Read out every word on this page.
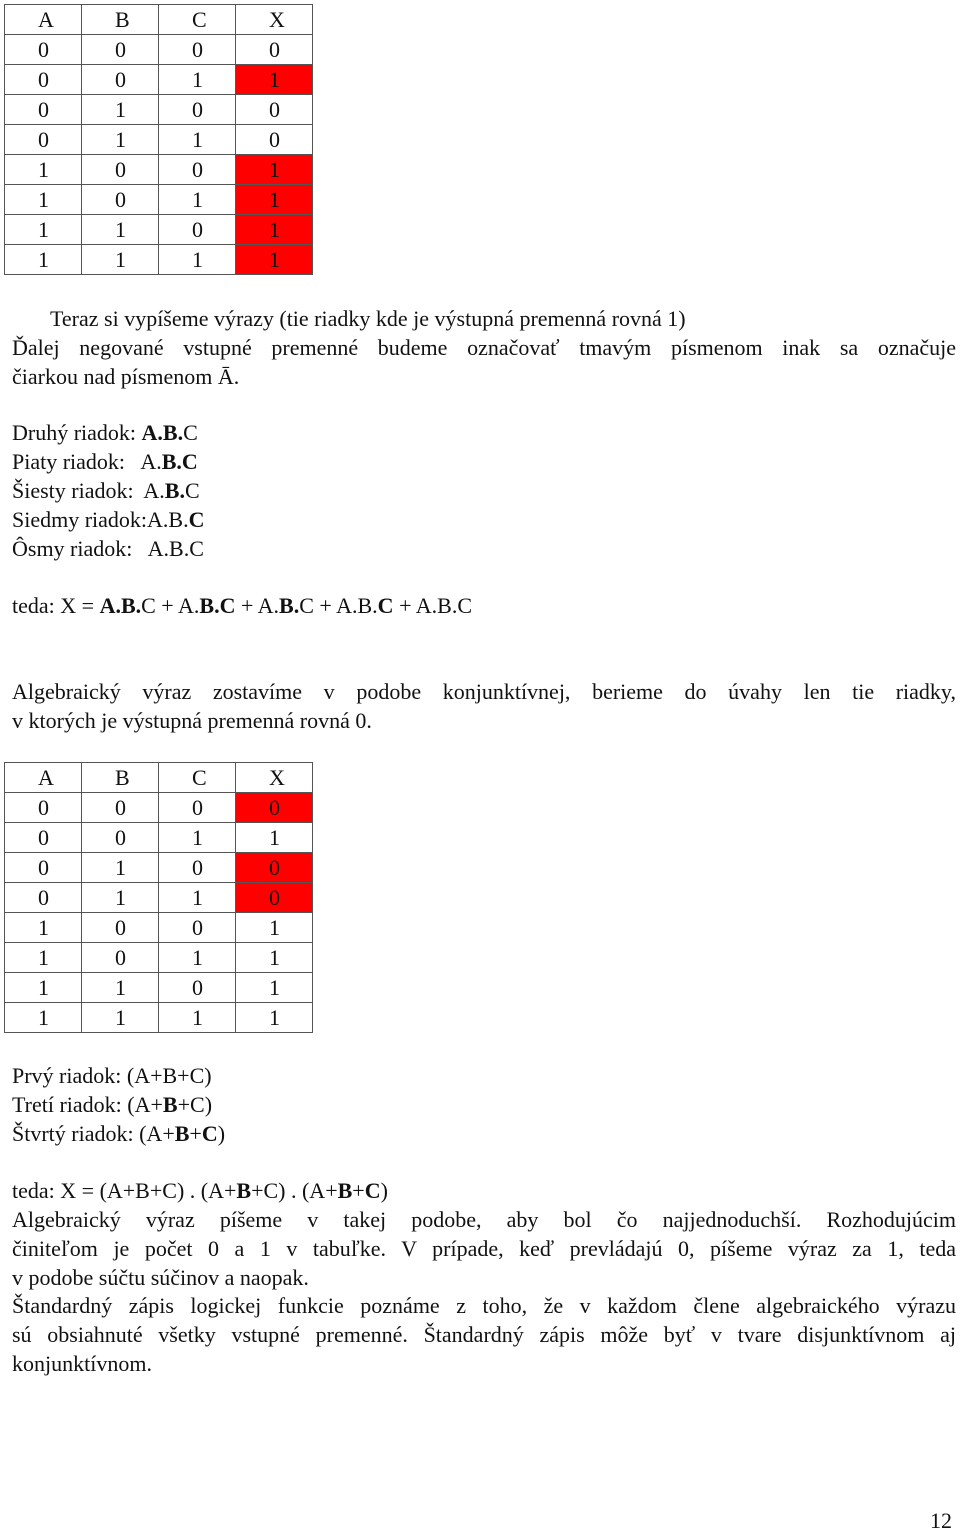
A	B	C	X
0	0	0	0
0	0	1	1
0	1	0	0
0	1	1	0
1	0	0	1
1	0	1	1
1	1	0	1
1	1	1	1
Teraz si vypíšeme výrazy (tie riadky kde je výstupná premenná rovná 1)
Ďalej negované vstupné premenné budeme označovať tmavým písmenom inak sa označuje
čiarkou nad písmenom Ā.
Druhý riadok: A.B.C
Piaty riadok:   A.B.C
Šiesty riadok:  A.B.C
Siedmy riadok:A.B.C
Ôsmy riadok:   A.B.C
teda: X = A.B.C + A.B.C + A.B.C + A.B.C + A.B.C
Algebraický výraz zostavíme v podobe konjunktívnej, berieme do úvahy len tie riadky,
v ktorých je výstupná premenná rovná 0.
A	B	C	X
0	0	0	0
0	0	1	1
0	1	0	0
0	1	1	0
1	0	0	1
1	0	1	1
1	1	0	1
1	1	1	1
Prvý riadok: (A+B+C)
Tretí riadok: (A+B+C)
Štvrtý riadok: (A+B+C)
teda: X = (A+B+C) . (A+B+C) . (A+B+C)
Algebraický výraz píšeme v takej podobe, aby bol čo najjednoduchší. Rozhodujúcim
činiteľom je počet 0 a 1 v tabuľke. V prípade, keď prevládajú 0, píšeme výraz za 1, teda
v podobe súčtu súčinov a naopak.
Štandardný zápis logickej funkcie poznáme z toho, že v každom člene algebraického výrazu
sú obsiahnuté všetky vstupné premenné. Štandardný zápis môže byť v tvare disjunktívnom aj
konjunktívnom.
12
